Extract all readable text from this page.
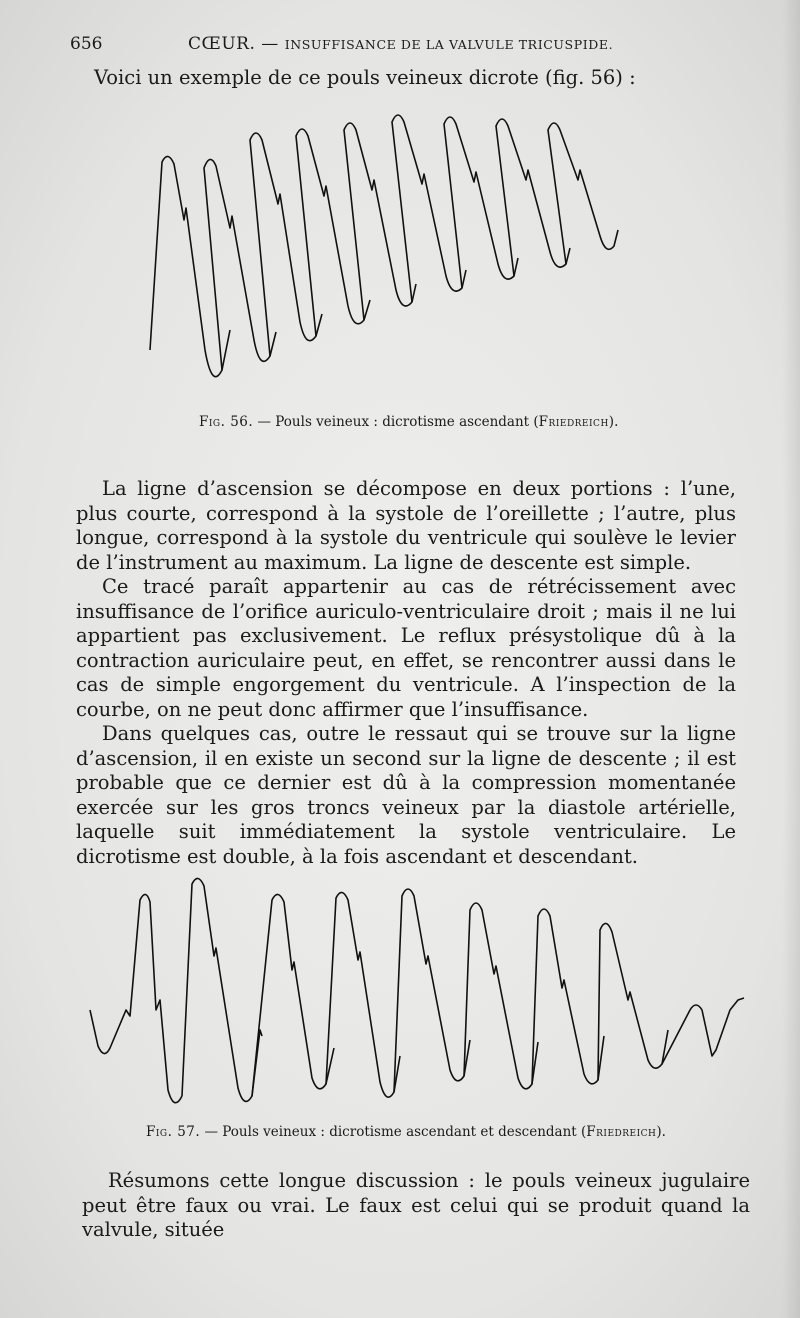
656	CŒUR. — INSUFFISANCE DE LA VALVULE TRICUSPIDE.

Voici un exemple de ce pouls veineux dicrote (fig. 56) :

Fig. 56. — Pouls veineux : dicrotisme ascendant (Friedreich).

La ligne d’ascension se décompose en deux portions : l’une, plus courte, correspond à la systole de l’oreillette ; l’autre, plus longue, correspond à la systole du ventricule qui soulève le levier de l’instrument au maximum. La ligne de descente est simple.

Ce tracé paraît appartenir au cas de rétrécissement avec insuffisance de l’orifice auriculo-ventriculaire droit ; mais il ne lui appartient pas exclusivement. Le reflux présystolique dû à la contraction auriculaire peut, en effet, se rencontrer aussi dans le cas de simple engorgement du ventricule. A l’inspection de la courbe, on ne peut donc affirmer que l’insuffisance.

Dans quelques cas, outre le ressaut qui se trouve sur la ligne d’ascension, il en existe un second sur la ligne de descente ; il est probable que ce dernier est dû à la compression momentanée exercée sur les gros troncs veineux par la diastole artérielle, laquelle suit immédiatement la systole ventriculaire. Le dicrotisme est double, à la fois ascendant et descendant.

Fig. 57. — Pouls veineux : dicrotisme ascendant et descendant (Friedreich).

Résumons cette longue discussion : le pouls veineux jugulaire peut être faux ou vrai. Le faux est celui qui se produit quand la valvule, située
